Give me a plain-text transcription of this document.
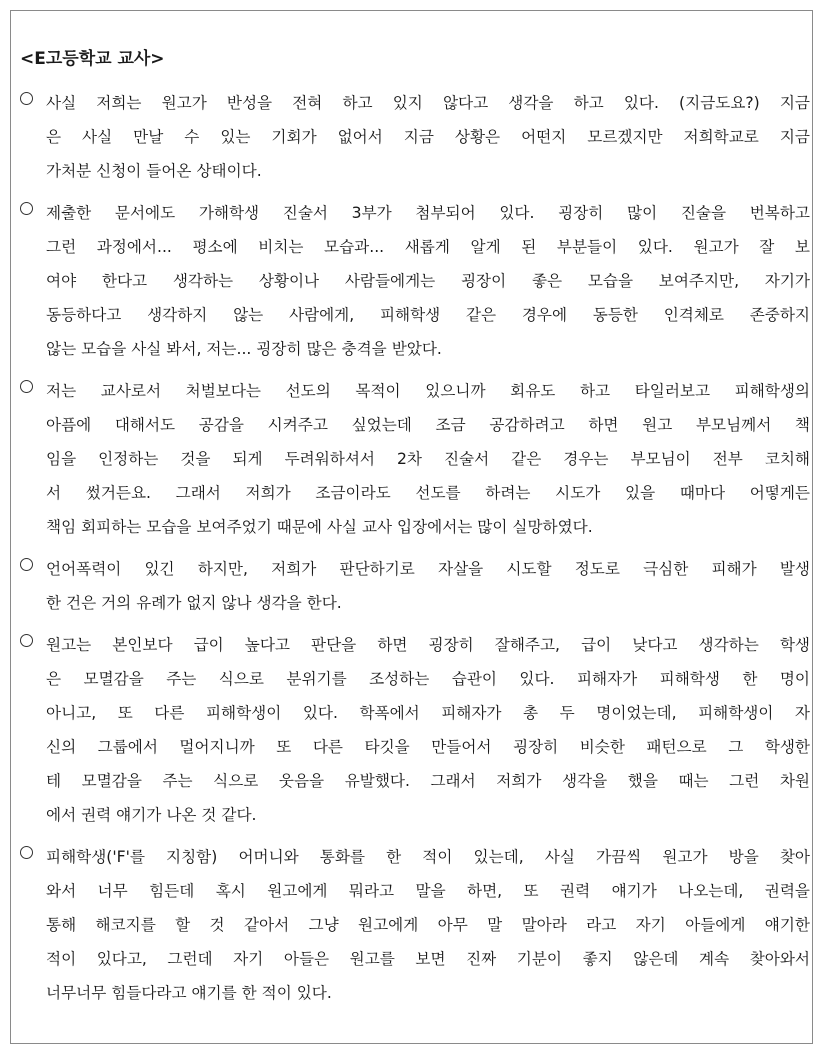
<E고등학교 교사>
사실 저희는 원고가 반성을 전혀 하고 있지 않다고 생각을 하고 있다. (지금도요?) 지금
은 사실 만날 수 있는 기회가 없어서 지금 상황은 어떤지 모르겠지만 저희학교로 지금
가처분 신청이 들어온 상태이다.
제출한 문서에도 가해학생 진술서 3부가 첨부되어 있다. 굉장히 많이 진술을 번복하고
그런 과정에서... 평소에 비치는 모습과... 새롭게 알게 된 부분들이 있다. 원고가 잘 보
여야 한다고 생각하는 상황이나 사람들에게는 굉장이 좋은 모습을 보여주지만, 자기가
동등하다고 생각하지 않는 사람에게, 피해학생 같은 경우에 동등한 인격체로 존중하지
않는 모습을 사실 봐서, 저는... 굉장히 많은 충격을 받았다.
저는 교사로서 처벌보다는 선도의 목적이 있으니까 회유도 하고 타일러보고 피해학생의
아픔에 대해서도 공감을 시켜주고 싶었는데 조금 공감하려고 하면 원고 부모님께서 책
임을 인정하는 것을 되게 두려워하셔서 2차 진술서 같은 경우는 부모님이 전부 코치해
서 썼거든요. 그래서 저희가 조금이라도 선도를 하려는 시도가 있을 때마다 어떻게든
책임 회피하는 모습을 보여주었기 때문에 사실 교사 입장에서는 많이 실망하였다.
언어폭력이 있긴 하지만, 저희가 판단하기로 자살을 시도할 정도로 극심한 피해가 발생
한 건은 거의 유례가 없지 않나 생각을 한다.
원고는 본인보다 급이 높다고 판단을 하면 굉장히 잘해주고, 급이 낮다고 생각하는 학생
은 모멸감을 주는 식으로 분위기를 조성하는 습관이 있다. 피해자가 피해학생 한 명이
아니고, 또 다른 피해학생이 있다. 학폭에서 피해자가 총 두 명이었는데, 피해학생이 자
신의 그룹에서 멀어지니까 또 다른 타깃을 만들어서 굉장히 비슷한 패턴으로 그 학생한
테 모멸감을 주는 식으로 웃음을 유발했다. 그래서 저희가 생각을 했을 때는 그런 차원
에서 권력 얘기가 나온 것 같다.
피해학생('F'를 지칭함) 어머니와 통화를 한 적이 있는데, 사실 가끔씩 원고가 방을 찾아
와서 너무 힘든데 혹시 원고에게 뭐라고 말을 하면, 또 권력 얘기가 나오는데, 권력을
통해 해코지를 할 것 같아서 그냥 원고에게 아무 말 말아라 라고 자기 아들에게 얘기한
적이 있다고, 그런데 자기 아들은 원고를 보면 진짜 기분이 좋지 않은데 계속 찾아와서
너무너무 힘들다라고 얘기를 한 적이 있다.
